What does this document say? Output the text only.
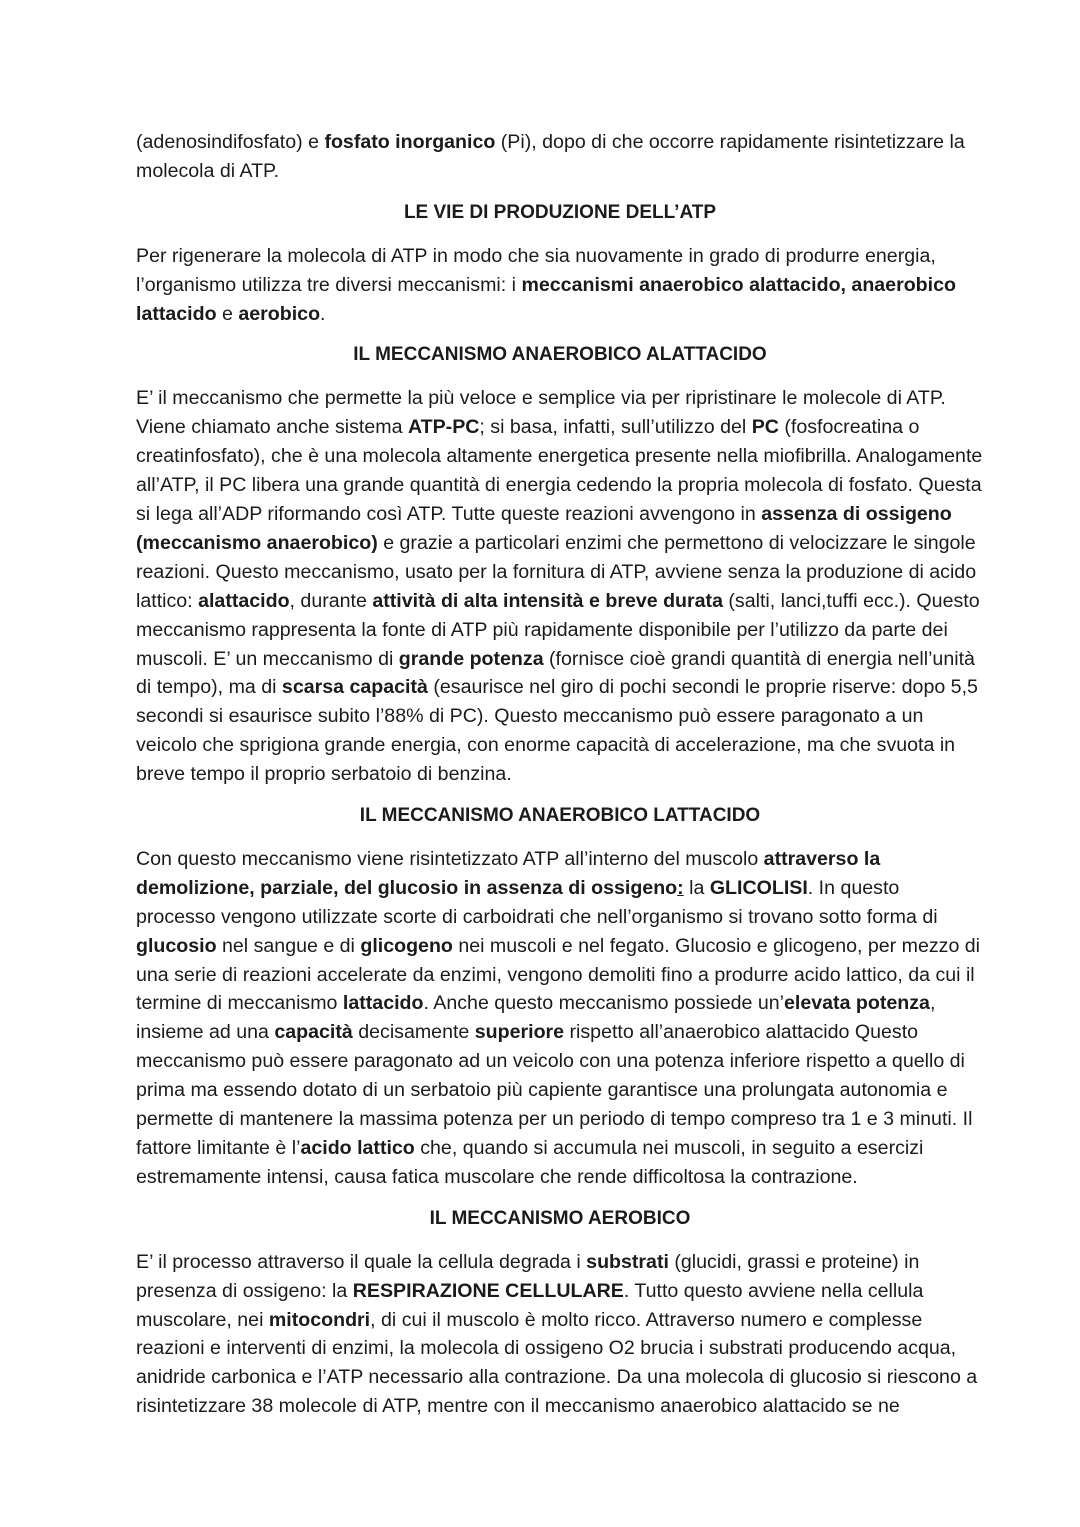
(adenosindifosfato) e fosfato inorganico (Pi), dopo di che occorre rapidamente risintetizzare la molecola di ATP.

LE VIE DI PRODUZIONE DELL’ATP

Per rigenerare la molecola di ATP in modo che sia nuovamente in grado di produrre energia, l’organismo utilizza tre diversi meccanismi: i meccanismi anaerobico alattacido, anaerobico lattacido e aerobico.

IL MECCANISMO ANAEROBICO ALATTACIDO

E’ il meccanismo che permette la più veloce e semplice via per ripristinare le molecole di ATP. Viene chiamato anche sistema ATP-PC; si basa, infatti, sull’utilizzo del PC (fosfocreatina o creatinfosfato), che è una molecola altamente energetica presente nella miofibrilla. Analogamente all’ATP, il PC libera una grande quantità di energia cedendo la propria molecola di fosfato. Questa si lega all’ADP riformando così ATP. Tutte queste reazioni avvengono in assenza di ossigeno (meccanismo anaerobico) e grazie a particolari enzimi che permettono di velocizzare le singole reazioni. Questo meccanismo, usato per la fornitura di ATP, avviene senza la produzione di acido lattico: alattacido, durante attività di alta intensità e breve durata (salti, lanci,tuffi ecc.). Questo meccanismo rappresenta la fonte di ATP più rapidamente disponibile per l’utilizzo da parte dei muscoli. E’ un meccanismo di grande potenza (fornisce cioè grandi quantità di energia nell’unità di tempo), ma di scarsa capacità (esaurisce nel giro di pochi secondi le proprie riserve: dopo 5,5 secondi si esaurisce subito l’88% di PC). Questo meccanismo può essere paragonato a un veicolo che sprigiona grande energia, con enorme capacità di accelerazione, ma che svuota in breve tempo il proprio serbatoio di benzina.

IL MECCANISMO ANAEROBICO LATTACIDO

Con questo meccanismo viene risintetizzato ATP all’interno del muscolo attraverso la demolizione, parziale, del glucosio in assenza di ossigeno: la GLICOLISI. In questo processo vengono utilizzate scorte di carboidrati che nell’organismo si trovano sotto forma di glucosio nel sangue e di glicogeno nei muscoli e nel fegato. Glucosio e glicogeno, per mezzo di una serie di reazioni accelerate da enzimi, vengono demoliti fino a produrre acido lattico, da cui il termine di meccanismo lattacido. Anche questo meccanismo possiede un’elevata potenza, insieme ad una capacità decisamente superiore rispetto all’anaerobico alattacido Questo meccanismo può essere paragonato ad un veicolo con una potenza inferiore rispetto a quello di prima ma essendo dotato di un serbatoio più capiente garantisce una prolungata autonomia e permette di mantenere la massima potenza per un periodo di tempo compreso tra 1 e 3 minuti. Il fattore limitante è l’acido lattico che, quando si accumula nei muscoli, in seguito a esercizi estremamente intensi, causa fatica muscolare che rende difficoltosa la contrazione.

IL MECCANISMO AEROBICO

E’ il processo attraverso il quale la cellula degrada i substrati (glucidi, grassi e proteine) in presenza di ossigeno: la RESPIRAZIONE CELLULARE. Tutto questo avviene nella cellula muscolare, nei mitocondri, di cui il muscolo è molto ricco. Attraverso numero e complesse reazioni e interventi di enzimi, la molecola di ossigeno O2 brucia i substrati producendo acqua, anidride carbonica e l’ATP necessario alla contrazione. Da una molecola di glucosio si riescono a risintetizzare 38 molecole di ATP, mentre con il meccanismo anaerobico alattacido se ne
